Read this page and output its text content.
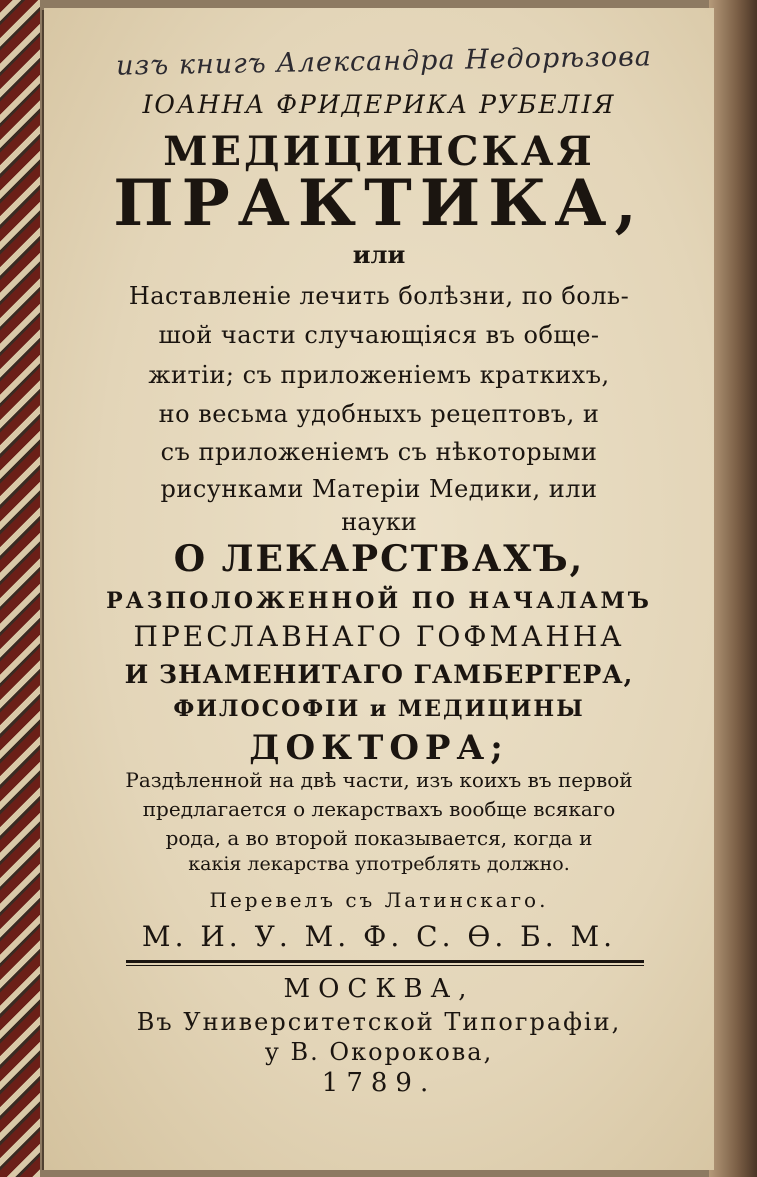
изъ книгъ Александра Недорѣзова
ІОАННА ФРИДЕРИКА РУБЕЛІЯ
МЕДИЦИНСКАЯ
ПРАКТИКА,
или
Наставленіе лечить болѣзни, по боль-
шой части случающіяся въ обще-
житіи; съ приложеніемъ краткихъ,
но весьма удобныхъ рецептовъ, и
съ приложеніемъ съ нѣкоторыми
рисунками Матеріи Медики, или
науки
О ЛЕКАРСТВАХЪ,
РАЗПОЛОЖЕННОЙ ПО НАЧАЛАМЪ
ПРЕСЛАВНАГО ГОФМАННА
И ЗНАМЕНИТАГО ГАМБЕРГЕРА,
ФИЛОСОФІИ и МЕДИЦИНЫ
ДОКТОРА;
Раздѣленной на двѣ части, изъ коихъ въ первой
предлагается о лекарствахъ вообще всякаго
рода, а во второй показывается, когда и
какія лекарства употреблять должно.
Перевелъ съ Латинскаго.
М. И. У. М. Ф. С. Ѳ. Б. М.
МОСКВА,
Въ Университетской Типографіи,
у В. Окорокова,
1789.
